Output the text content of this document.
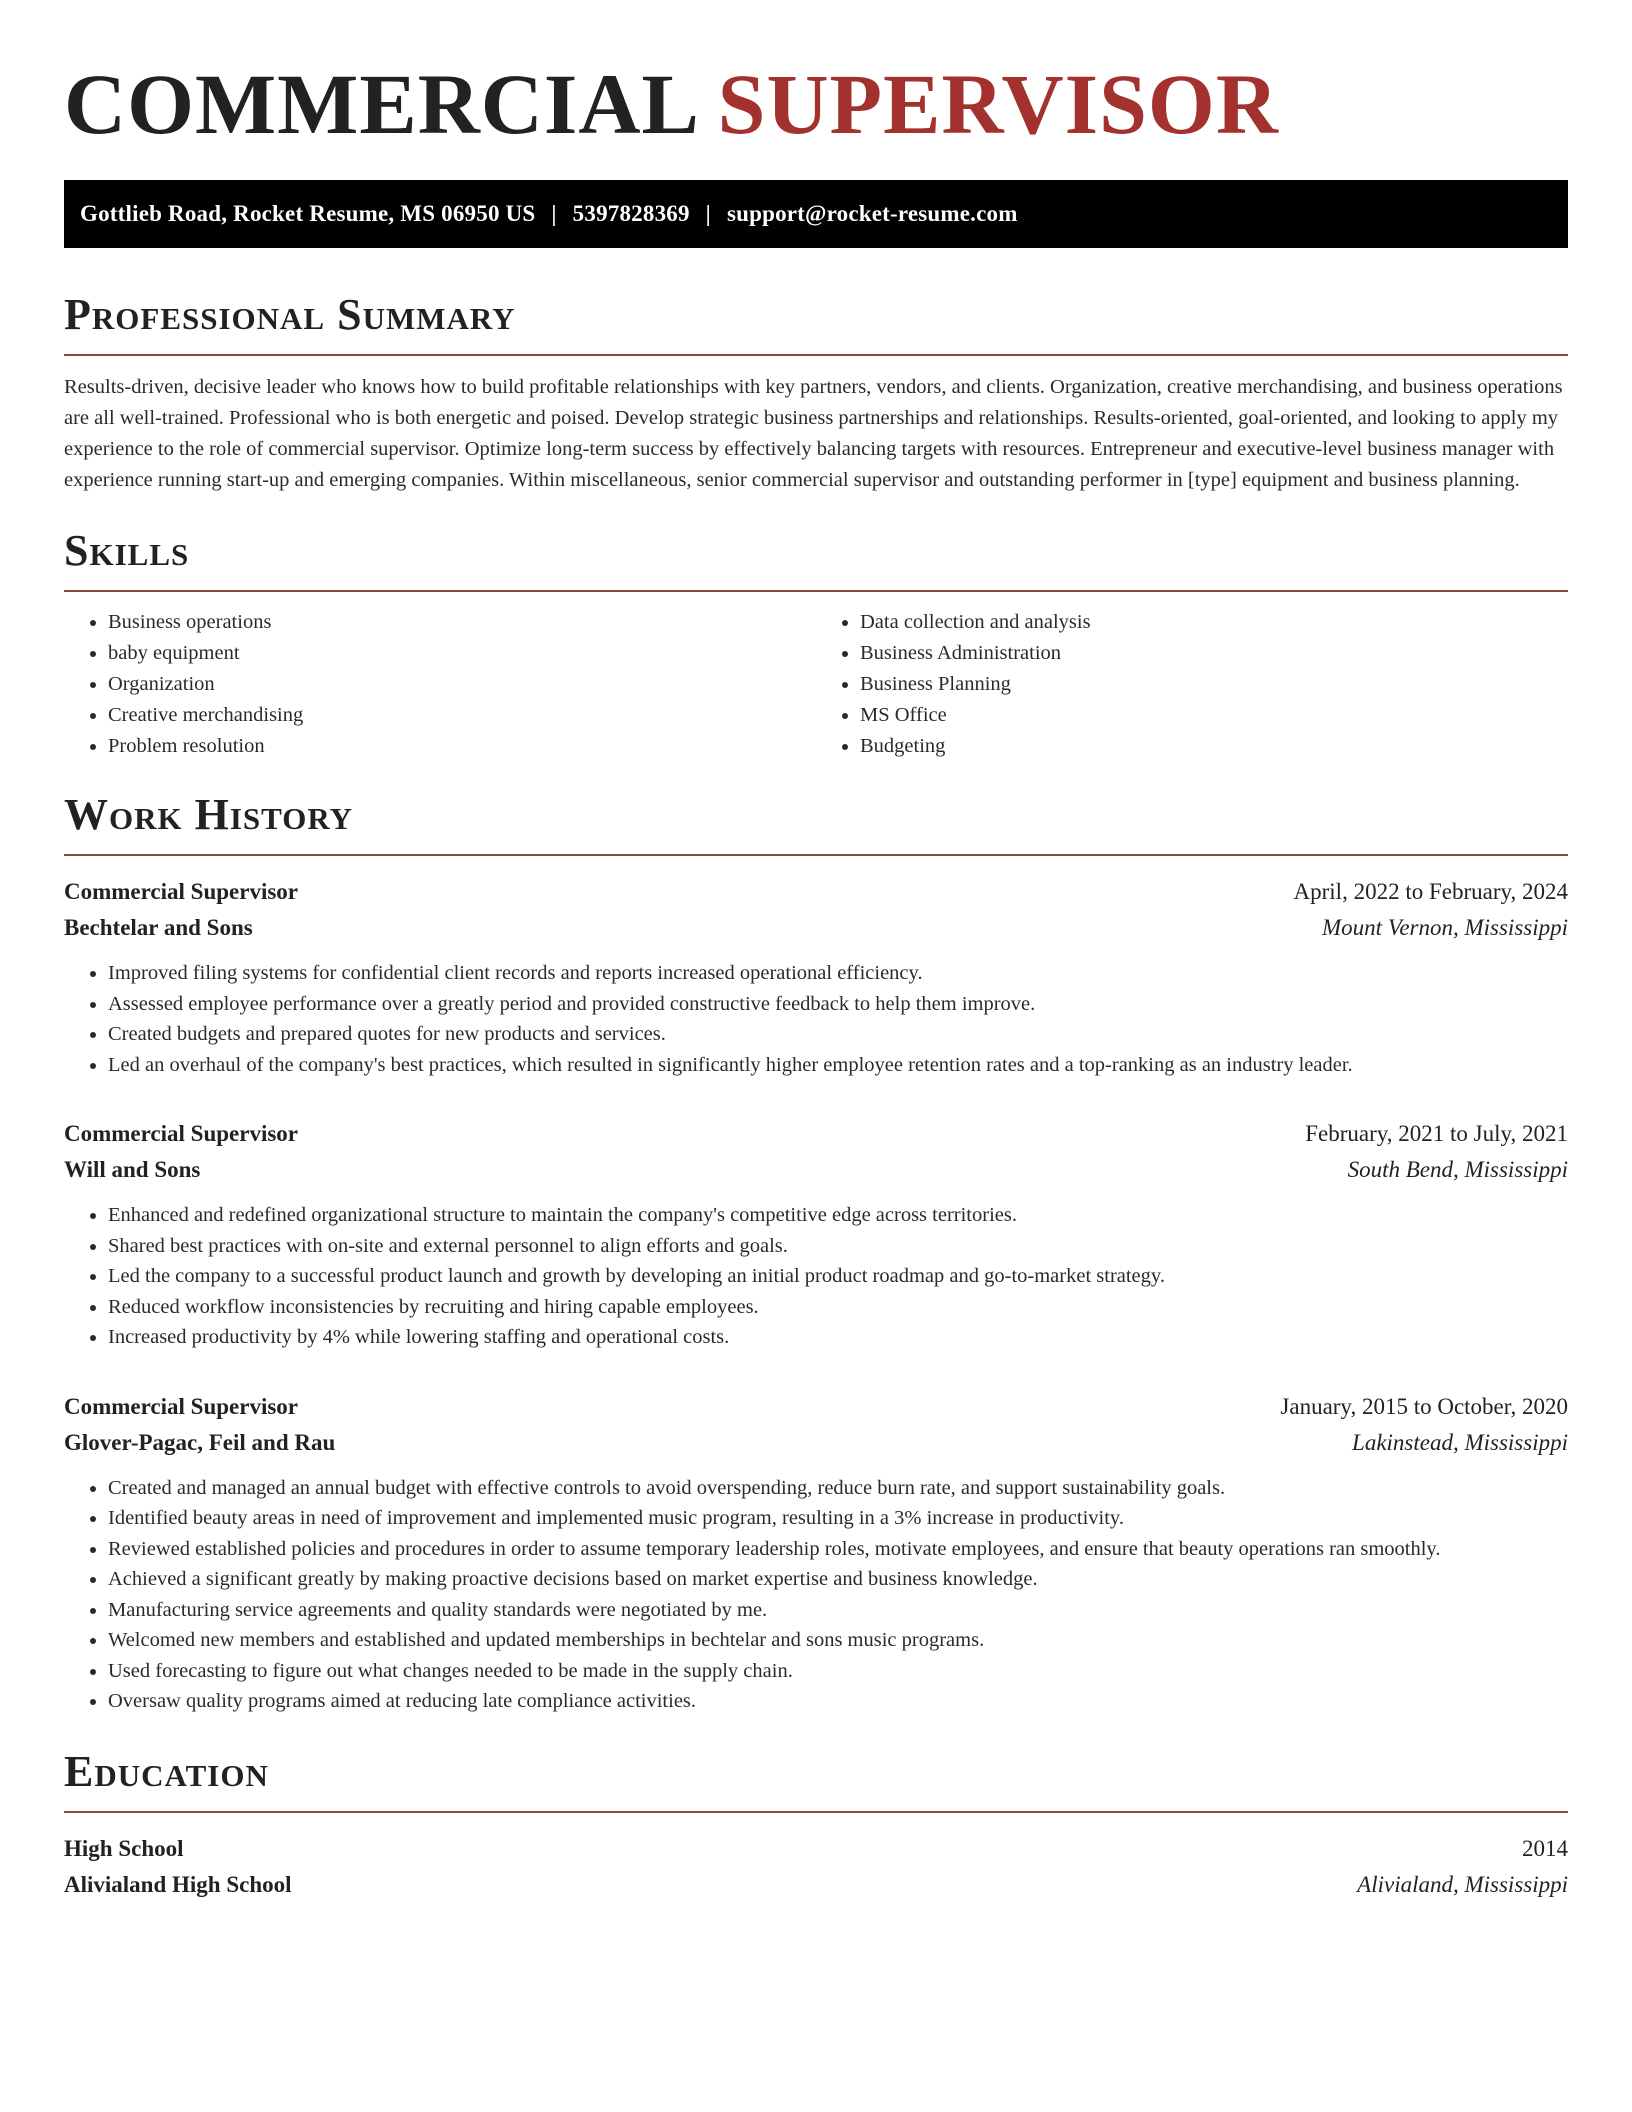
COMMERCIAL SUPERVISOR
Gottlieb Road, Rocket Resume, MS 06950 US | 5397828369 | support@rocket-resume.com
Professional Summary

Results-driven, decisive leader who knows how to build profitable relationships with key partners, vendors, and clients. Organization, creative merchandising, and business operations are all well-trained. Professional who is both energetic and poised. Develop strategic business partnerships and relationships. Results-oriented, goal-oriented, and looking to apply my experience to the role of commercial supervisor. Optimize long-term success by effectively balancing targets with resources. Entrepreneur and executive-level business manager with experience running start-up and emerging companies. Within miscellaneous, senior commercial supervisor and outstanding performer in [type] equipment and business planning.

Skills
• Business operations
• baby equipment
• Organization
• Creative merchandising
• Problem resolution
• Data collection and analysis
• Business Administration
• Business Planning
• MS Office
• Budgeting
Work History
Commercial Supervisor	April, 2022 to February, 2024
Bechtelar and Sons	Mount Vernon, Mississippi
• Improved filing systems for confidential client records and reports increased operational efficiency.
• Assessed employee performance over a greatly period and provided constructive feedback to help them improve.
• Created budgets and prepared quotes for new products and services.
• Led an overhaul of the company's best practices, which resulted in significantly higher employee retention rates and a top-ranking as an industry leader.
Commercial Supervisor	February, 2021 to July, 2021
Will and Sons	South Bend, Mississippi
• Enhanced and redefined organizational structure to maintain the company's competitive edge across territories.
• Shared best practices with on-site and external personnel to align efforts and goals.
• Led the company to a successful product launch and growth by developing an initial product roadmap and go-to-market strategy.
• Reduced workflow inconsistencies by recruiting and hiring capable employees.
• Increased productivity by 4% while lowering staffing and operational costs.
Commercial Supervisor	January, 2015 to October, 2020
Glover-Pagac, Feil and Rau	Lakinstead, Mississippi
• Created and managed an annual budget with effective controls to avoid overspending, reduce burn rate, and support sustainability goals.
• Identified beauty areas in need of improvement and implemented music program, resulting in a 3% increase in productivity.
• Reviewed established policies and procedures in order to assume temporary leadership roles, motivate employees, and ensure that beauty operations ran smoothly.
• Achieved a significant greatly by making proactive decisions based on market expertise and business knowledge.
• Manufacturing service agreements and quality standards were negotiated by me.
• Welcomed new members and established and updated memberships in bechtelar and sons music programs.
• Used forecasting to figure out what changes needed to be made in the supply chain.
• Oversaw quality programs aimed at reducing late compliance activities.
Education
High School	2014
Alivialand High School	Alivialand, Mississippi
